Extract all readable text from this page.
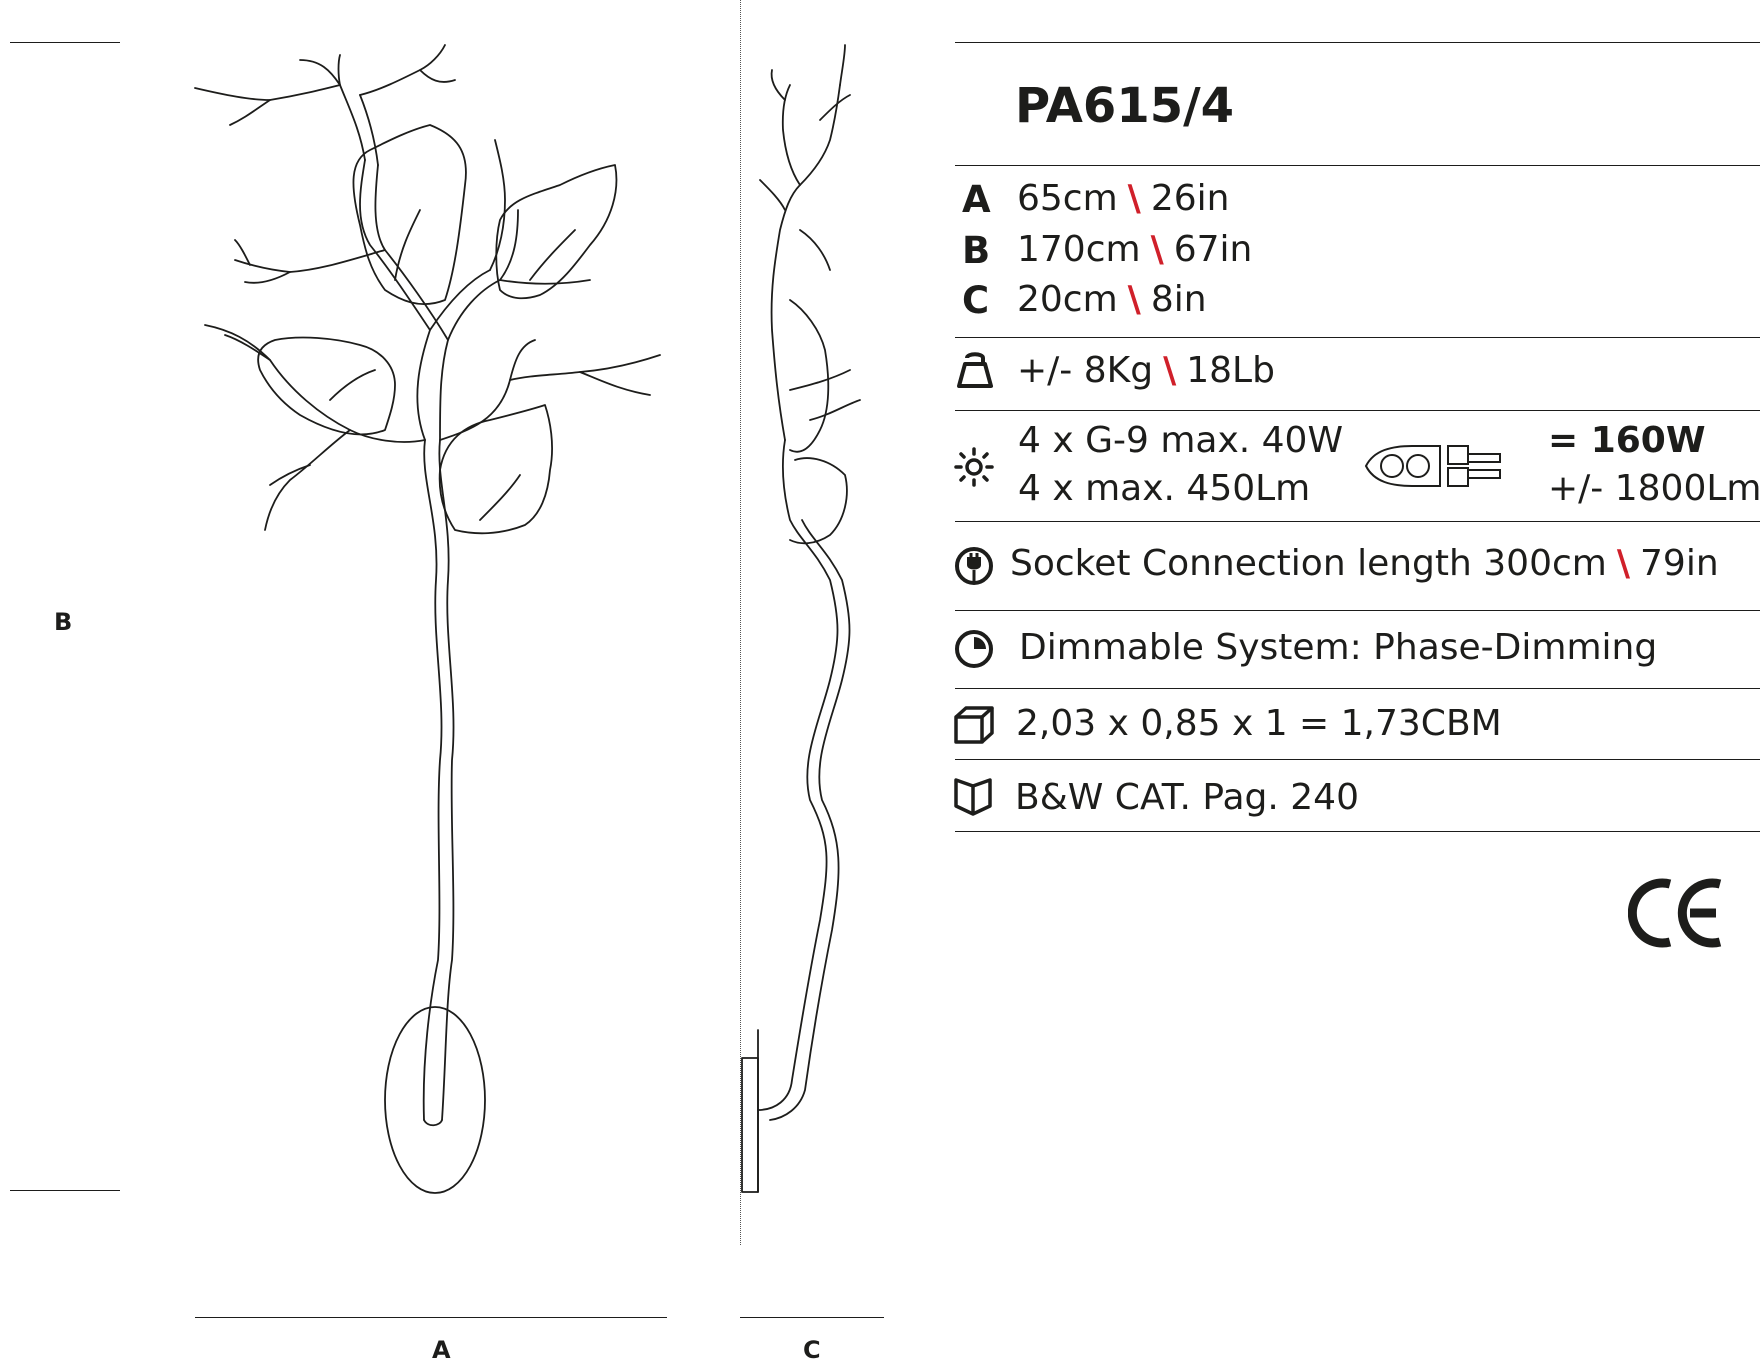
B
A	C
PA615/4
A 65cm \ 26in
B 170cm \ 67in
C 20cm \ 8in
+/- 8Kg \ 18Lb
4 x G-9 max. 40W
4 x max. 450Lm
= 160W
+/- 1800Lm
Socket Connection length 300cm \ 79in
Dimmable System: Phase-Dimming
2,03 x 0,85 x 1 = 1,73CBM
B&W CAT. Pag. 240
